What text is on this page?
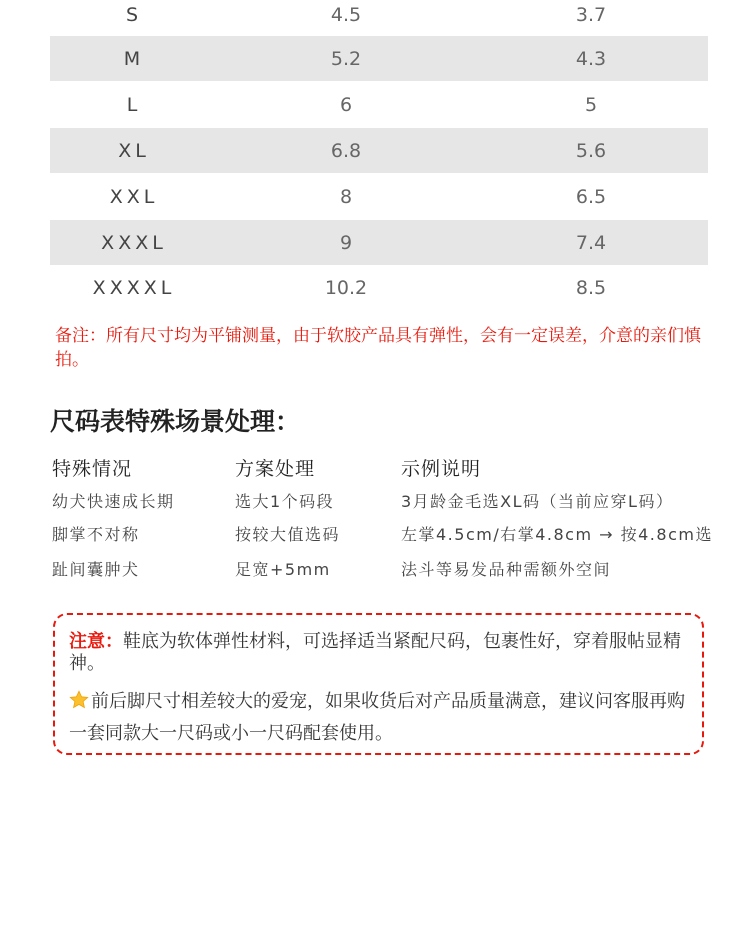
S	4.5	3.7
M	5.2	4.3
L	6	5
XL	6.8	5.6
XXL	8	6.5
XXXL	9	7.4
XXXXL	10.2	8.5

备注：所有尺寸均为平铺测量，由于软胶产品具有弹性，会有一定误差，介意的亲们慎拍。

尺码表特殊场景处理：
特殊情况	方案处理	示例说明
幼犬快速成长期	选大1个码段	3月龄金毛选XL码（当前应穿L码）
脚掌不对称	按较大值选码	左掌4.5cm/右掌4.8cm → 按4.8cm选
趾间囊肿犬	足宽+5mm	法斗等易发品种需额外空间

注意：鞋底为软体弹性材料，可选择适当紧配尺码，包裹性好，穿着服帖显精神。

前后脚尺寸相差较大的爱宠，如果收货后对产品质量满意，建议问客服再购一套同款大一尺码或小一尺码配套使用。
